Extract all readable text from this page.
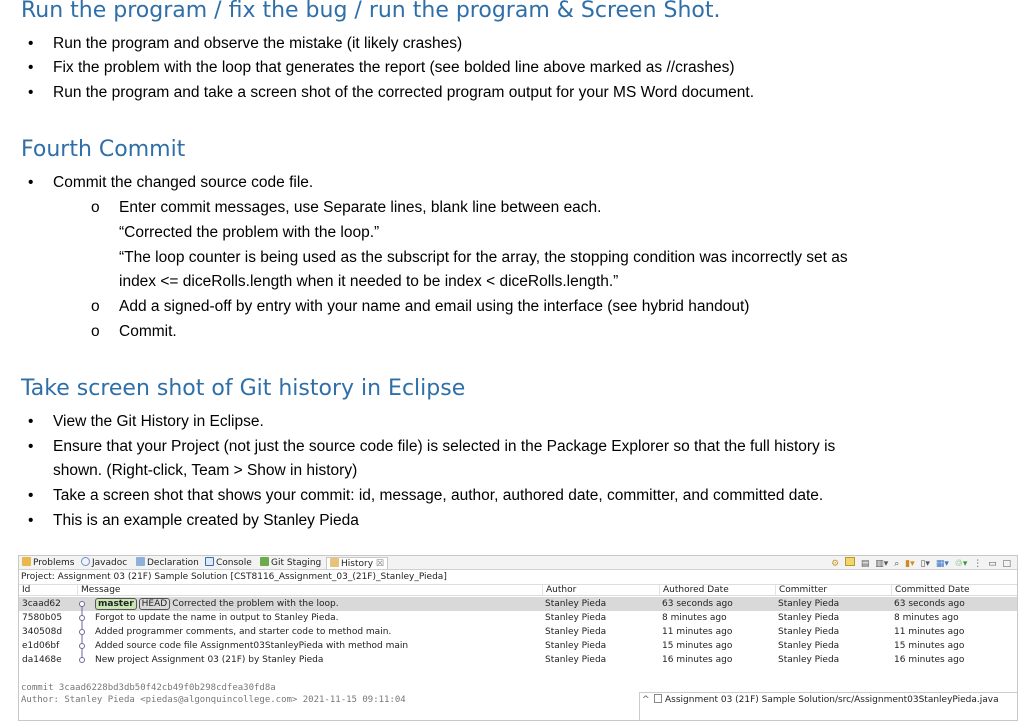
Run the program / fix the bug / run the program & Screen Shot.
• Run the program and observe the mistake (it likely crashes)
• Fix the problem with the loop that generates the report (see bolded line above marked as //crashes)
• Run the program and take a screen shot of the corrected program output for your MS Word document.
Fourth Commit
• Commit the changed source code file.
o Enter commit messages, use Separate lines, blank line between each.
“Corrected the problem with the loop.”
“The loop counter is being used as the subscript for the array, the stopping condition was incorrectly set as
index <= diceRolls.length when it needed to be index < diceRolls.length.”
o Add a signed-off by entry with your name and email using the interface (see hybrid handout)
o Commit.
Take screen shot of Git history in Eclipse
• View the Git History in Eclipse.
• Ensure that your Project (not just the source code file) is selected in the Package Explorer so that the full history is
shown. (Right-click, Team > Show in history)
• Take a screen shot that shows your commit: id, message, author, authored date, committer, and committed date.
• This is an example created by Stanley Pieda
Problems	Javadoc	Declaration	Console	Git Staging	History ☒	⚙ ▤ ▥▾ ⌕ ▮▾ ▯▾ ▦▾ ♲▾ ⋮ ▭ □
Project: Assignment 03 (21F) Sample Solution [CST8116_Assignment_03_(21F)_Stanley_Pieda]
Id	Message	Author	Authored Date	Committer	Committed Date
3caad62	master HEAD Corrected the problem with the loop.	Stanley Pieda	63 seconds ago	Stanley Pieda	63 seconds ago
7580b05	Forgot to update the name in output to Stanley Pieda.	Stanley Pieda	8 minutes ago	Stanley Pieda	8 minutes ago
340508d	Added programmer comments, and starter code to method main.	Stanley Pieda	11 minutes ago	Stanley Pieda	11 minutes ago
e1d06bf	Added source code file Assignment03StanleyPieda with method main	Stanley Pieda	15 minutes ago	Stanley Pieda	15 minutes ago
da1468e	New project Assignment 03 (21F) by Stanley Pieda	Stanley Pieda	16 minutes ago	Stanley Pieda	16 minutes ago
commit 3caad6228bd3db50f42cb49f0b298cdfea30fd8a
Author: Stanley Pieda <piedas@algonquincollege.com> 2021-11-15 09:11:04	^	Assignment 03 (21F) Sample Solution/src/Assignment03StanleyPieda.java
